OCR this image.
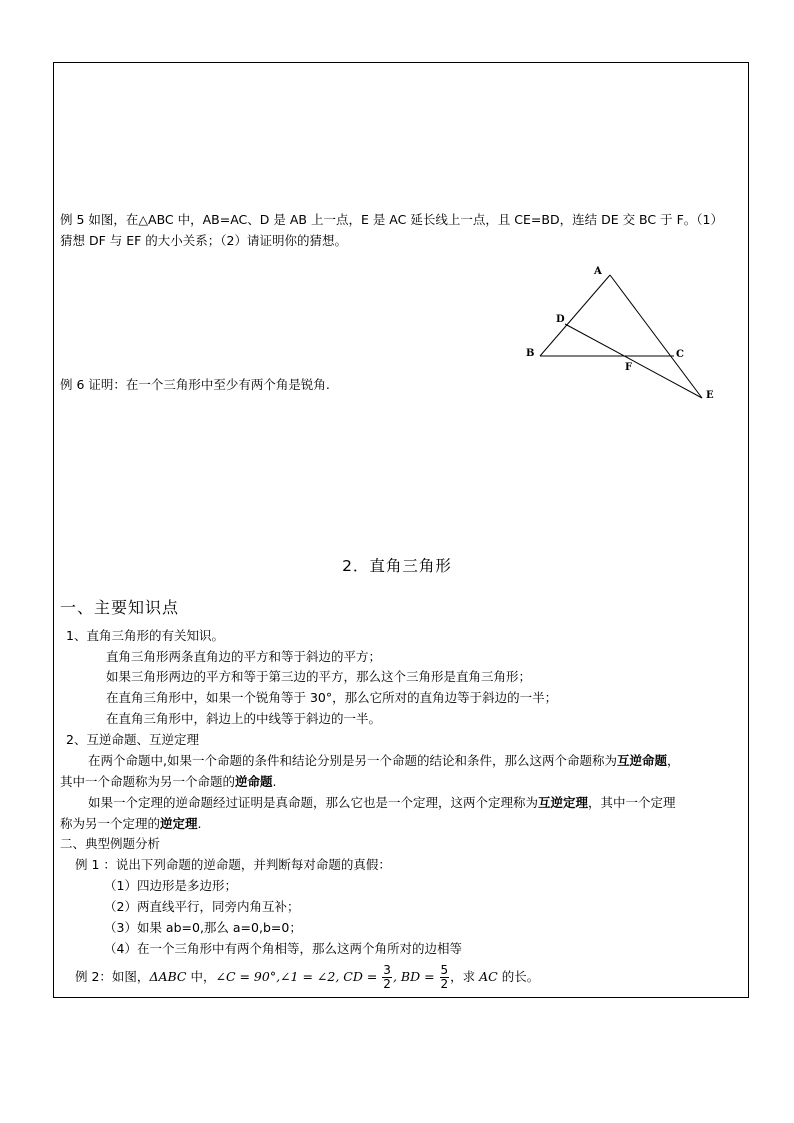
例 5 如图，在△ABC 中，AB=AC、D 是 AB 上一点，E 是 AC 延长线上一点，且 CE=BD，连结 DE 交 BC 于 F。（1）
猜想 DF 与 EF 的大小关系；（2）请证明你的猜想。
A
D
B	C
F
E
例 6 证明：在一个三角形中至少有两个角是锐角.
2．直角三角形
一、主要知识点
1、直角三角形的有关知识。
直角三角形两条直角边的平方和等于斜边的平方；
如果三角形两边的平方和等于第三边的平方，那么这个三角形是直角三角形；
在直角三角形中，如果一个锐角等于 30°，那么它所对的直角边等于斜边的一半；
在直角三角形中，斜边上的中线等于斜边的一半。
2、互逆命题、互逆定理
在两个命题中,如果一个命题的条件和结论分别是另一个命题的结论和条件，那么这两个命题称为互逆命题，
其中一个命题称为另一个命题的逆命题.
如果一个定理的逆命题经过证明是真命题，那么它也是一个定理，这两个定理称为互逆定理，其中一个定理
称为另一个定理的逆定理.
二、典型例题分析
例 1 ：说出下列命题的逆命题，并判断每对命题的真假：
（1）四边形是多边形；
（2）两直线平行，同旁内角互补；
（3）如果 ab=0,那么 a=0,b=0；
（4）在一个三角形中有两个角相等，那么这两个角所对的边相等
例 2：如图，ΔABC 中，∠C = 90°,∠1 = ∠2, CD = $\frac{3}{2}$ , BD = $\frac{5}{2}$ ，求 AC 的长。
